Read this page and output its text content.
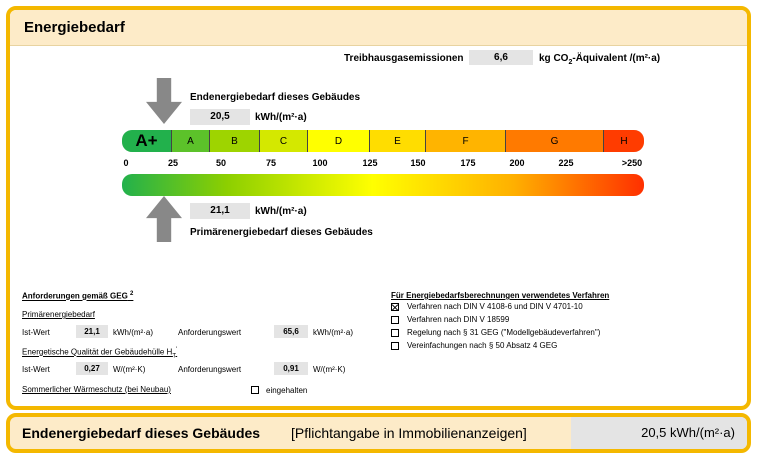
Energiebedarf
Treibhausgasemissionen	6,6	kg $CO_2$-Äquivalent /(m²·a)
Endenergiebedarf dieses Gebäudes
20,5	kWh/(m²·a)
A+	A	B	C	D	E	F	G	H
0	25	50	75	100	125	150	175	200	225	>250
21,1	kWh/(m²·a)
Primärenergiebedarf dieses Gebäudes
Anforderungen gemäß GEG $^2$
Primärenergiebedarf
Ist-Wert	21,1	kWh/(m²·a)	Anforderungswert	65,6	kWh/(m²·a)
Energetische Qualität der Gebäudehülle $H_T'$
Ist-Wert	0,27	W/(m²·K)	Anforderungswert	0,91	W/(m²·K)
Sommerlicher Wärmeschutz (bei Neubau)	eingehalten
Für Energiebedarfsberechnungen verwendetes Verfahren
Verfahren nach DIN V 4108-6 und DIN V 4701-10
Verfahren nach DIN V 18599
Regelung nach § 31 GEG ("Modellgebäudeverfahren")
Vereinfachungen nach § 50 Absatz 4 GEG
Endenergiebedarf dieses Gebäudes [Pflichtangabe in Immobilienanzeigen]	20,5 kWh/(m²·a)
